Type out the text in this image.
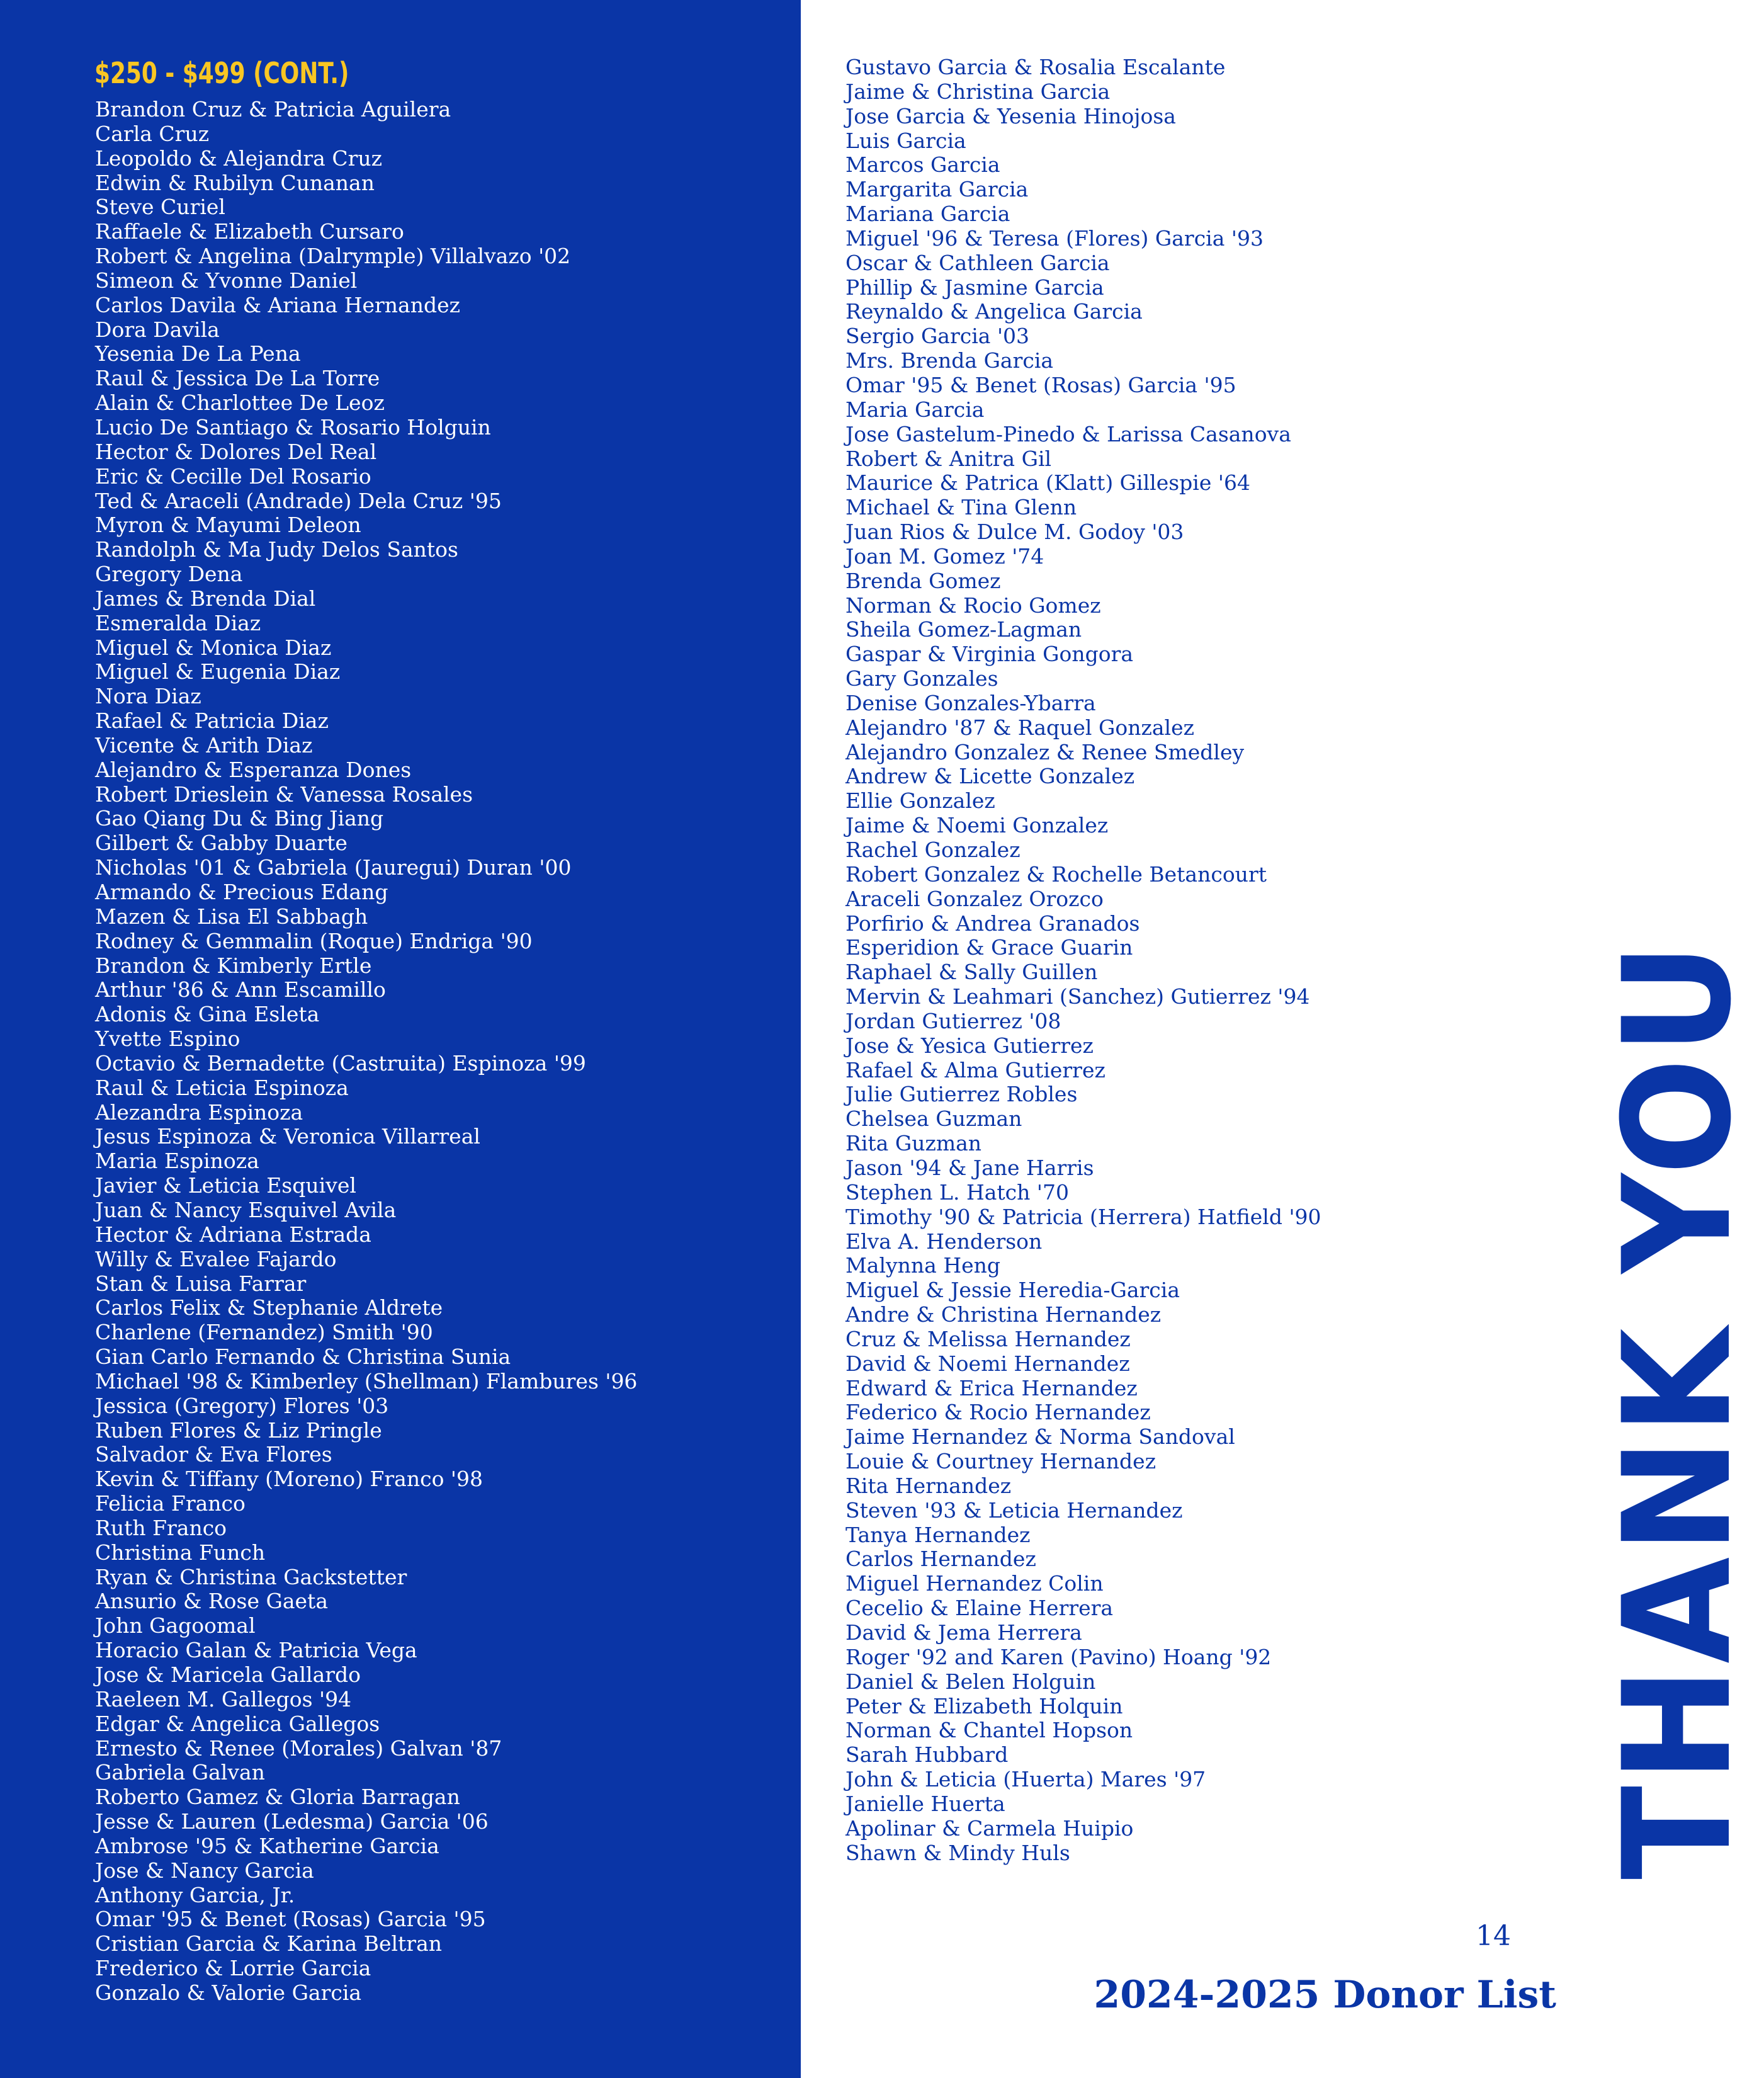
$250 - $499 (CONT.)
Brandon Cruz & Patricia Aguilera
Carla Cruz
Leopoldo & Alejandra Cruz
Edwin & Rubilyn Cunanan
Steve Curiel
Raffaele & Elizabeth Cursaro
Robert & Angelina (Dalrymple) Villalvazo '02
Simeon & Yvonne Daniel
Carlos Davila & Ariana Hernandez
Dora Davila
Yesenia De La Pena
Raul & Jessica De La Torre
Alain & Charlottee De Leoz
Lucio De Santiago & Rosario Holguin
Hector & Dolores Del Real
Eric & Cecille Del Rosario
Ted & Araceli (Andrade) Dela Cruz '95
Myron & Mayumi Deleon
Randolph & Ma Judy Delos Santos
Gregory Dena
James & Brenda Dial
Esmeralda Diaz
Miguel & Monica Diaz
Miguel & Eugenia Diaz
Nora Diaz
Rafael & Patricia Diaz
Vicente & Arith Diaz
Alejandro & Esperanza Dones
Robert Drieslein & Vanessa Rosales
Gao Qiang Du & Bing Jiang
Gilbert & Gabby Duarte
Nicholas '01 & Gabriela (Jauregui) Duran '00
Armando & Precious Edang
Mazen & Lisa El Sabbagh
Rodney & Gemmalin (Roque) Endriga '90
Brandon & Kimberly Ertle
Arthur '86 & Ann Escamillo
Adonis & Gina Esleta
Yvette Espino
Octavio & Bernadette (Castruita) Espinoza '99
Raul & Leticia Espinoza
Alezandra Espinoza
Jesus Espinoza & Veronica Villarreal
Maria Espinoza
Javier & Leticia Esquivel
Juan & Nancy Esquivel Avila
Hector & Adriana Estrada
Willy & Evalee Fajardo
Stan & Luisa Farrar
Carlos Felix & Stephanie Aldrete
Charlene (Fernandez) Smith '90
Gian Carlo Fernando & Christina Sunia
Michael '98 & Kimberley (Shellman) Flambures '96
Jessica (Gregory) Flores '03
Ruben Flores & Liz Pringle
Salvador & Eva Flores
Kevin & Tiffany (Moreno) Franco '98
Felicia Franco
Ruth Franco
Christina Funch
Ryan & Christina Gackstetter
Ansurio & Rose Gaeta
John Gagoomal
Horacio Galan & Patricia Vega
Jose & Maricela Gallardo
Raeleen M. Gallegos '94
Edgar & Angelica Gallegos
Ernesto & Renee (Morales) Galvan '87
Gabriela Galvan
Roberto Gamez & Gloria Barragan
Jesse & Lauren (Ledesma) Garcia '06
Ambrose '95 & Katherine Garcia
Jose & Nancy Garcia
Anthony Garcia, Jr.
Omar '95 & Benet (Rosas) Garcia '95
Cristian Garcia & Karina Beltran
Frederico & Lorrie Garcia
Gonzalo & Valorie Garcia
Gustavo Garcia & Rosalia Escalante
Jaime & Christina Garcia
Jose Garcia & Yesenia Hinojosa
Luis Garcia
Marcos Garcia
Margarita Garcia
Mariana Garcia
Miguel '96 & Teresa (Flores) Garcia '93
Oscar & Cathleen Garcia
Phillip & Jasmine Garcia
Reynaldo & Angelica Garcia
Sergio Garcia '03
Mrs. Brenda Garcia
Omar '95 & Benet (Rosas) Garcia '95
Maria Garcia
Jose Gastelum-Pinedo & Larissa Casanova
Robert & Anitra Gil
Maurice & Patrica (Klatt) Gillespie '64
Michael & Tina Glenn
Juan Rios & Dulce M. Godoy '03
Joan M. Gomez '74
Brenda Gomez
Norman & Rocio Gomez
Sheila Gomez-Lagman
Gaspar & Virginia Gongora
Gary Gonzales
Denise Gonzales-Ybarra
Alejandro '87 & Raquel Gonzalez
Alejandro Gonzalez & Renee Smedley
Andrew & Licette Gonzalez
Ellie Gonzalez
Jaime & Noemi Gonzalez
Rachel Gonzalez
Robert Gonzalez & Rochelle Betancourt
Araceli Gonzalez Orozco
Porfirio & Andrea Granados
Esperidion & Grace Guarin
Raphael & Sally Guillen
Mervin & Leahmari (Sanchez) Gutierrez '94
Jordan Gutierrez '08
Jose & Yesica Gutierrez
Rafael & Alma Gutierrez
Julie Gutierrez Robles
Chelsea Guzman
Rita Guzman
Jason '94 & Jane Harris
Stephen L. Hatch '70
Timothy '90 & Patricia (Herrera) Hatfield '90
Elva A. Henderson
Malynna Heng
Miguel & Jessie Heredia-Garcia
Andre & Christina Hernandez
Cruz & Melissa Hernandez
David & Noemi Hernandez
Edward & Erica Hernandez
Federico & Rocio Hernandez
Jaime Hernandez & Norma Sandoval
Louie & Courtney Hernandez
Rita Hernandez
Steven '93 & Leticia Hernandez
Tanya Hernandez
Carlos Hernandez
Miguel Hernandez Colin
Cecelio & Elaine Herrera
David & Jema Herrera
Roger '92 and Karen (Pavino) Hoang '92
Daniel & Belen Holguin
Peter & Elizabeth Holquin
Norman & Chantel Hopson
Sarah Hubbard
John & Leticia (Huerta) Mares '97
Janielle Huerta
Apolinar & Carmela Huipio
Shawn & Mindy Huls	THANK YOU
14
2024-2025 Donor List
